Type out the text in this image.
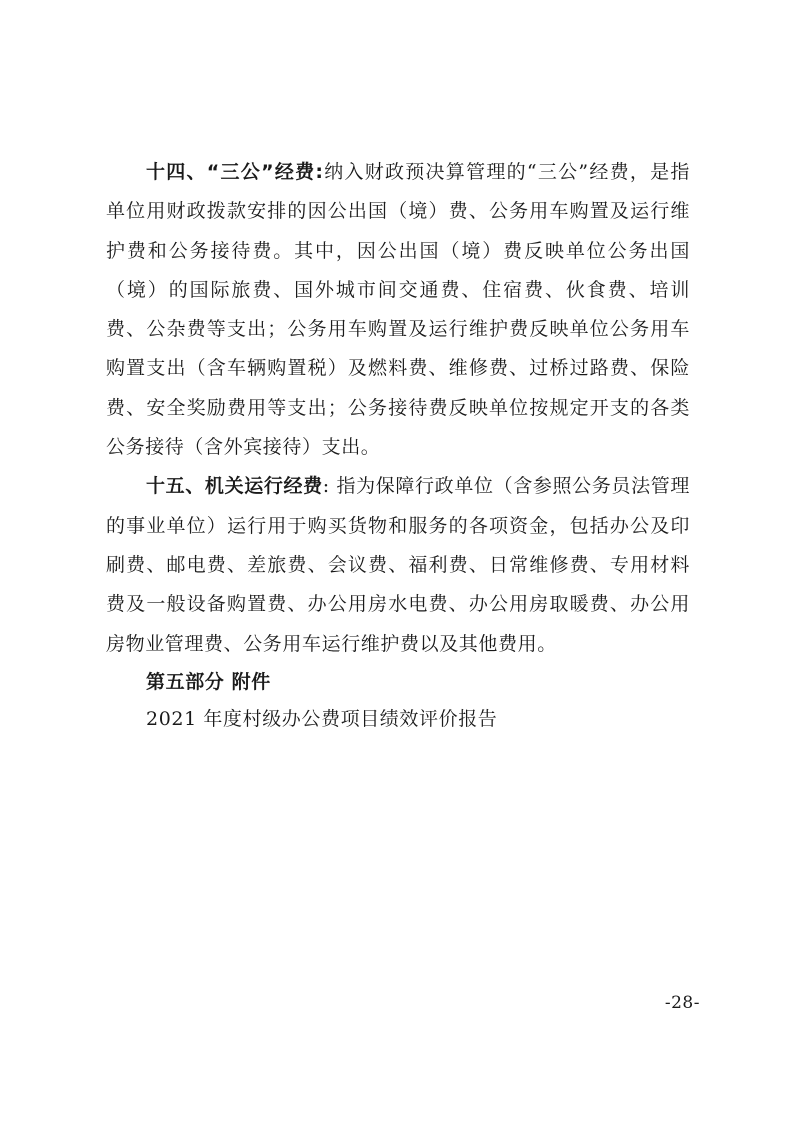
十四、“三公”经费:纳入财政预决算管理的“三公”经费，是指单位用财政拨款安排的因公出国（境）费、公务用车购置及运行维护费和公务接待费。其中，因公出国（境）费反映单位公务出国（境）的国际旅费、国外城市间交通费、住宿费、伙食费、培训费、公杂费等支出；公务用车购置及运行维护费反映单位公务用车购置支出（含车辆购置税）及燃料费、维修费、过桥过路费、保险费、安全奖励费用等支出；公务接待费反映单位按规定开支的各类公务接待（含外宾接待）支出。

十五、机关运行经费: 指为保障行政单位（含参照公务员法管理的事业单位）运行用于购买货物和服务的各项资金，包括办公及印刷费、邮电费、差旅费、会议费、福利费、日常维修费、专用材料费及一般设备购置费、办公用房水电费、办公用房取暖费、办公用房物业管理费、公务用车运行维护费以及其他费用。

第五部分 附件

2021 年度村级办公费项目绩效评价报告

-28-
